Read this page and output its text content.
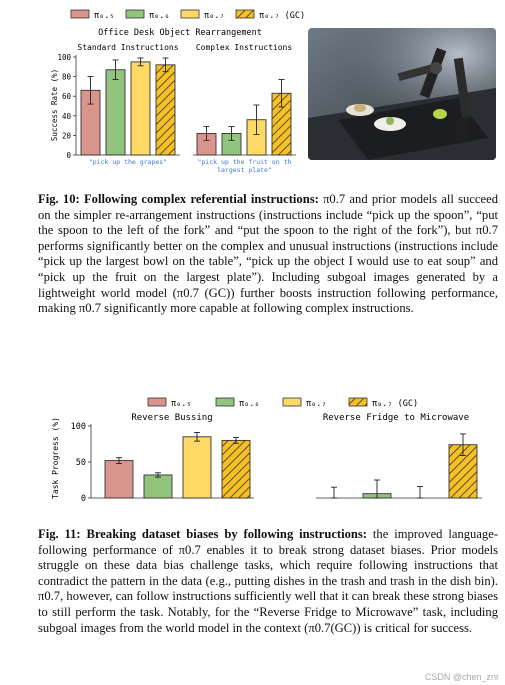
π₀.₅	π₀.₆	π₀.₇	π₀.₇ (GC)
Office Desk Object Rearrangement
Standard Instructions Complex Instructions
Success Rate (%)
0
20
40
60
80
100
"pick up the grapes"	"pick up the fruit on th
largest plate"

Fig. 10: Following complex referential instructions: π0.7 and prior models all succeed on the simpler re-arrangement instructions (instructions include “pick up the spoon”, “put the spoon to the left of the fork” and “put the spoon to the right of the fork”), but π0.7 performs significantly better on the complex and unusual instructions (instructions include “pick up the largest bowl on the table”, “pick up the object I would use to eat soup” and “pick up the fruit on the largest plate”). Including subgoal images generated by a lightweight world model (π0.7 (GC)) further boosts instruction following performance, making π0.7 significantly more capable at following complex instructions.

π₀.₅	π₀.₆	π₀.₇	π₀.₇ (GC)
Reverse Bussing	Reverse Fridge to Microwave
Task Progress (%)
0
50
100

Fig. 11: Breaking dataset biases by following instructions: the improved language-following performance of π0.7 enables it to break strong dataset biases. Prior models struggle on these data bias challenge tasks, which require following instructions that contradict the pattern in the data (e.g., putting dishes in the trash and trash in the dish bin). π0.7, however, can follow instructions sufficiently well that it can break these strong biases to still perform the task. Notably, for the “Reverse Fridge to Microwave” task, including subgoal images from the world model in the context (π0.7(GC)) is critical for success.

CSDN @chen_znr
